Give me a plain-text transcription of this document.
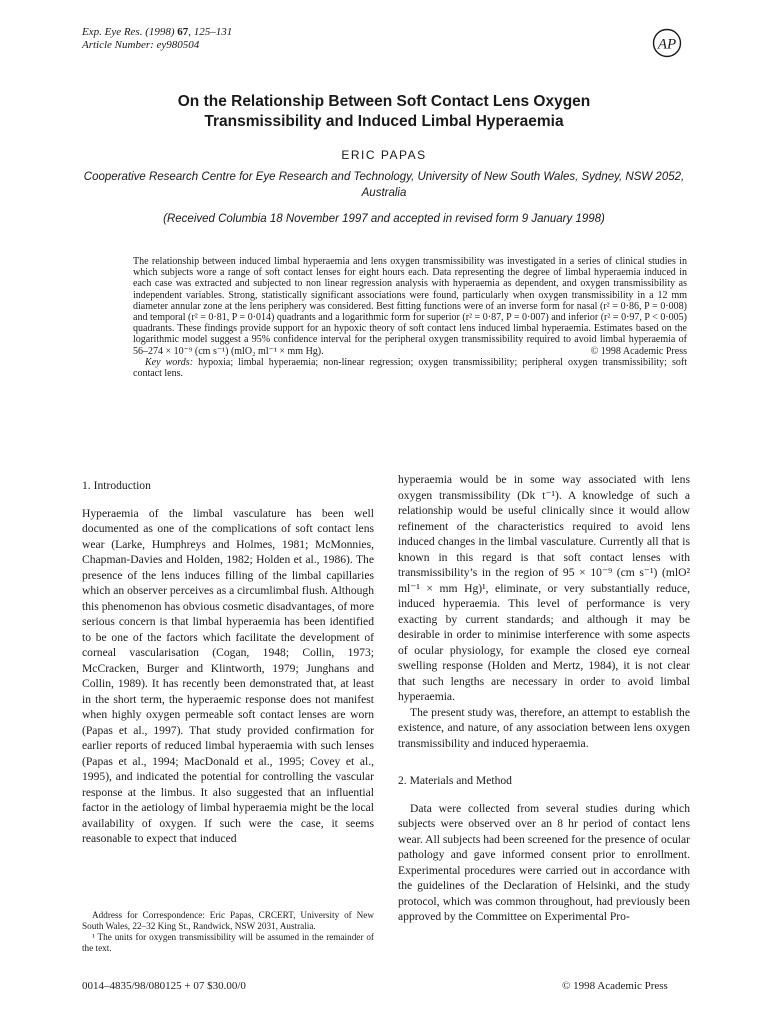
Exp. Eye Res. (1998) 67, 125–131
Article Number: ey980504	AP
On the Relationship Between Soft Contact Lens Oxygen
Transmissibility and Induced Limbal Hyperaemia
ERIC PAPAS
Cooperative Research Centre for Eye Research and Technology, University of New South Wales, Sydney, NSW 2052, Australia
(Received Columbia 18 November 1997 and accepted in revised form 9 January 1998)

The relationship between induced limbal hyperaemia and lens oxygen transmissibility was investigated in a series of clinical studies in which subjects wore a range of soft contact lenses for eight hours each. Data representing the degree of limbal hyperaemia induced in each case was extracted and subjected to non linear regression analysis with hyperaemia as dependent, and oxygen transmissibility as independent variables. Strong, statistically significant associations were found, particularly when oxygen transmissibility in a 12 mm diameter annular zone at the lens periphery was considered. Best fitting functions were of an inverse form for nasal (r² = 0·86, P = 0·008) and temporal (r² = 0·81, P = 0·014) quadrants and a logarithmic form for superior (r² = 0·87, P = 0·007) and inferior (r² = 0·97, P < 0·005) quadrants. These findings provide support for an hypoxic theory of soft contact lens induced limbal hyperaemia. Estimates based on the logarithmic model suggest a 95% confidence interval for the peripheral oxygen transmissibility required to avoid limbal hyperaemia of 56–274 × 10⁻⁹ (cm s⁻¹) (mlO₂ ml⁻¹ × mm Hg).	© 1998 Academic Press

Key words: hypoxia; limbal hyperaemia; non-linear regression; oxygen transmissibility; peripheral oxygen transmissibility; soft contact lens.

1. Introduction

Hyperaemia of the limbal vasculature has been well documented as one of the complications of soft contact lens wear (Larke, Humphreys and Holmes, 1981; McMonnies, Chapman-Davies and Holden, 1982; Holden et al., 1986). The presence of the lens induces filling of the limbal capillaries which an observer perceives as a circumlimbal flush. Although this phenomenon has obvious cosmetic disadvantages, of more serious concern is that limbal hyperaemia has been identified to be one of the factors which facilitate the development of corneal vascularisation (Cogan, 1948; Collin, 1973; McCracken, Burger and Klintworth, 1979; Junghans and Collin, 1989). It has recently been demonstrated that, at least in the short term, the hyperaemic response does not manifest when highly oxygen permeable soft contact lenses are worn (Papas et al., 1997). That study provided confirmation for earlier reports of reduced limbal hyperaemia with such lenses (Papas et al., 1994; MacDonald et al., 1995; Covey et al., 1995), and indicated the potential for controlling the vascular response at the limbus. It also suggested that an influential factor in the aetiology of limbal hyperaemia might be the local availability of oxygen. If such were the case, it seems reasonable to expect that induced

hyperaemia would be in some way associated with lens oxygen transmissibility (Dk t⁻¹). A knowledge of such a relationship would be useful clinically since it would allow refinement of the characteristics required to avoid lens induced changes in the limbal vasculature. Currently all that is known in this regard is that soft contact lenses with transmissibility’s in the region of 95 × 10⁻⁹ (cm s⁻¹) (mlO² ml⁻¹ × mm Hg)¹, eliminate, or very substantially reduce, induced hyperaemia. This level of performance is very exacting by current standards; and although it may be desirable in order to minimise interference with some aspects of ocular physiology, for example the closed eye corneal swelling response (Holden and Mertz, 1984), it is not clear that such lengths are necessary in order to avoid limbal hyperaemia.

The present study was, therefore, an attempt to establish the existence, and nature, of any association between lens oxygen transmissibility and induced hyperaemia.

2. Materials and Method

Data were collected from several studies during which subjects were observed over an 8 hr period of contact lens wear. All subjects had been screened for the presence of ocular pathology and gave informed consent prior to enrollment. Experimental procedures were carried out in accordance with the guidelines of the Declaration of Helsinki, and the study protocol, which was common throughout, had previously been approved by the Committee on Experimental Pro-

Address for Correspondence: Eric Papas, CRCERT, University of New South Wales, 22–32 King St., Randwick, NSW 2031, Australia.

¹ The units for oxygen transmissibility will be assumed in the remainder of the text.

0014–4835/98/080125 + 07 $30.00/0	© 1998 Academic Press
